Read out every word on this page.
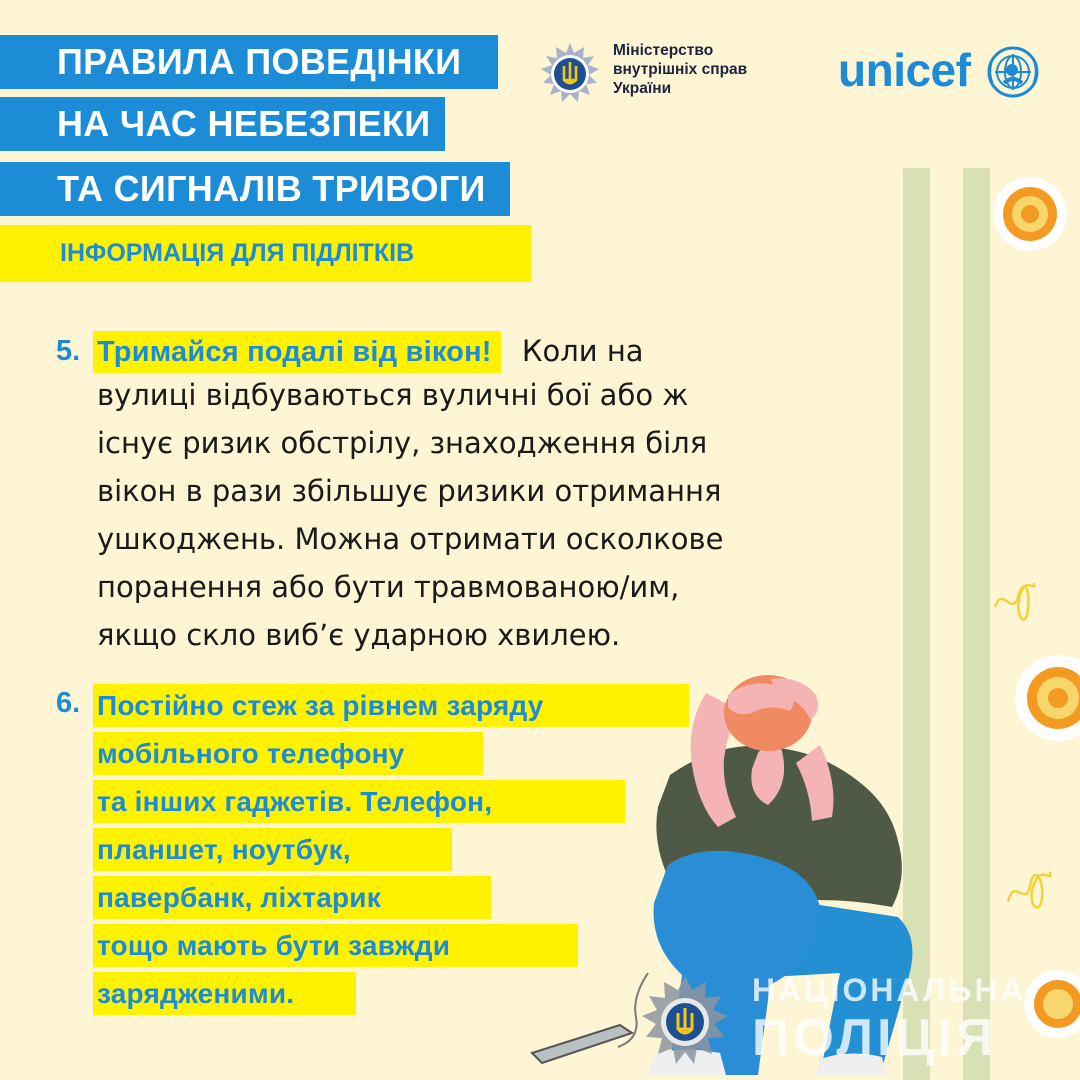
ПРАВИЛА ПОВЕДІНКИ
НА ЧАС НЕБЕЗПЕКИ
ТА СИГНАЛІВ ТРИВОГИ
ІНФОРМАЦІЯ ДЛЯ ПІДЛІТКІВ
Міністерство
внутрішніх справ
України	unicef
5. Тримайся подалі від вікон! Коли на
вулиці відбуваються вуличні бої або ж
існує ризик обстрілу, знаходження біля
вікон в рази збільшує ризики отримання
ушкоджень. Можна отримати осколкове
поранення або бути травмованою/им,
якщо скло виб’є ударною хвилею.
6. Постійно стеж за рівнем заряду
мобільного телефону
та інших гаджетів. Телефон,
планшет, ноутбук,
павербанк, ліхтарик
тощо мають бути завжди
зарядженими.	НАЦІОНАЛЬНА
ПОЛІЦІЯ
